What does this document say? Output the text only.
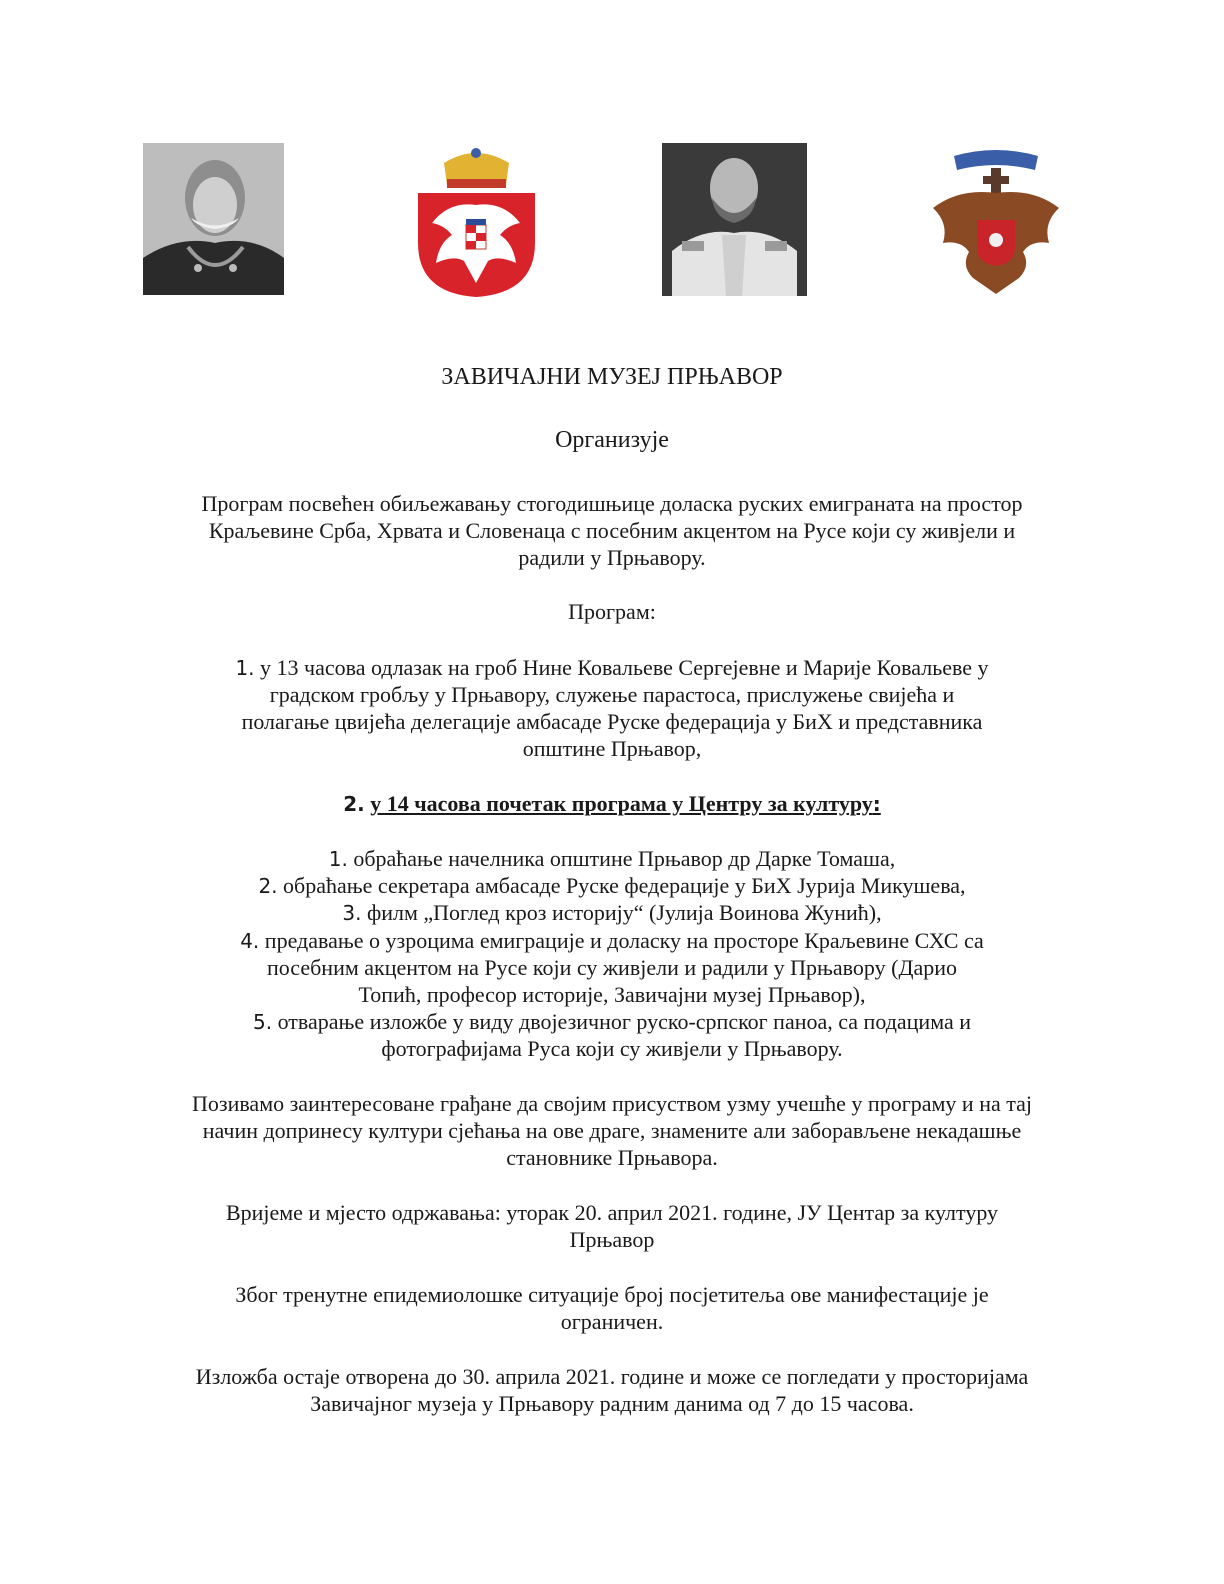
ЗАВИЧАЈНИ МУЗЕЈ ПРЊАВОР
Организује
Програм посвећен обиљежавању стогодишњице доласка руских емиграната на простор
Краљевине Срба, Хрвата и Словенаца с посебним акцентом на Русе који су живјели и
радили у Прњавору.
Програм:
1. у 13 часова одлазак на гроб Нине Ковальеве Сергејевне и Марије Ковальеве у
градском гробљу у Прњавору, служење парастоса, прислужење свијећа и
полагање цвијећа делегације амбасаде Руске федерација у БиХ и представника
општине Прњавор,
2. у 14 часова почетак програма у Центру за културу:
1. обраћање начелника општине Прњавор др Дарке Томаша,
2. обраћање секретара амбасаде Руске федерације у БиХ Јурија Микушева,
3. филм „Поглед кроз историју“ (Јулија Воинова Жунић),
4. предавање о узроцима емиграције и доласку на просторе Краљевине СХС са
посебним акцентом на Русе који су живјели и радили у Прњавору (Дарио
Топић, професор историје, Завичајни музеј Прњавор),
5. отварање изложбе у виду двојезичног руско-српског паноа, са подацима и
фотографијама Руса који су живјели у Прњавору.
Позивамо заинтересоване грађане да својим присуством узму учешће у програму и на тај
начин допринесу култури сјећања на ове драге, знамените али заборављене некадашње
становнике Прњавора.
Вријеме и мјесто одржавања: уторак 20. април 2021. године, ЈУ Центар за културу
Прњавор
Због тренутне епидемиолошке ситуације број посјетитеља ове манифестације је
ограничен.
Изложба остаје отворена до 30. априла 2021. године и може се погледати у просторијама
Завичајног музеја у Прњавору радним данима од 7 до 15 часова.
